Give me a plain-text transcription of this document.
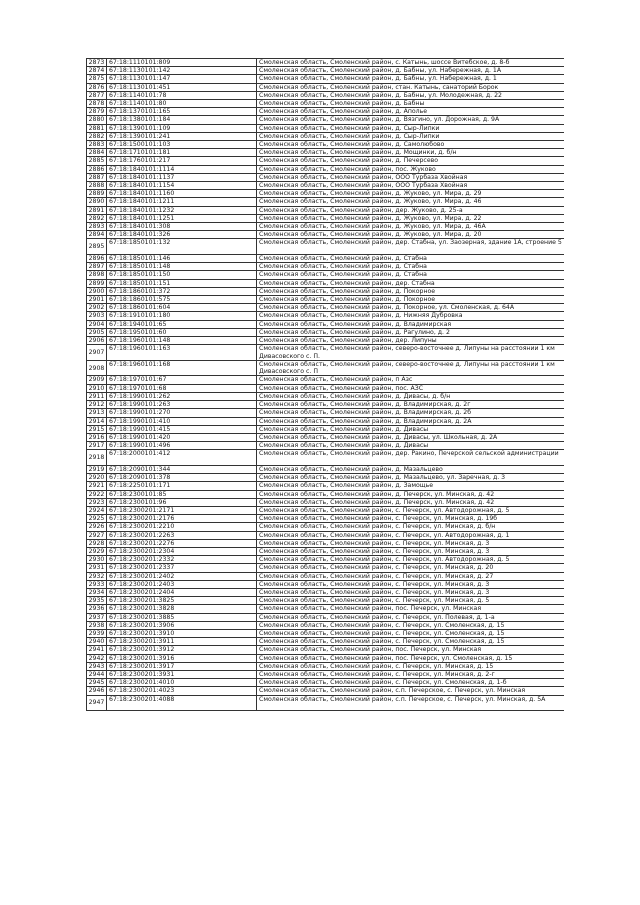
2873	67:18:1110101:809	Смоленская область, Смоленский район, с. Катынь, шоссе Витебское, д. 8-б
2874	67:18:1130101:142	Смоленская область, Смоленский район, д. Бабны, ул. Набережная, д. 1А
2875	67:18:1130101:147	Смоленская область, Смоленский район, д. Бабны, ул. Набережная, д. 1
2876	67:18:1130101:451	Смоленская область, Смоленский район, стан. Катынь, санаторий Борок
2877	67:18:1140101:78	Смоленская область, Смоленский район, д. Бабны, ул. Молодежная, д. 22
2878	67:18:1140101:80	Смоленская область, Смоленский район, д. Бабны
2879	67:18:1370101:165	Смоленская область, Смоленский район, д. Аполье
2880	67:18:1380101:184	Смоленская область, Смоленский район, д. Вязгино, ул. Дорожная, д. 9А
2881	67:18:1390101:109	Смоленская область, Смоленский район, д. Сыр-Липки
2882	67:18:1390101:241	Смоленская область, Смоленский район, д. Сыр-Липки
2883	67:18:1500101:103	Смоленская область, Смоленский район, д. Самолюбово
2884	67:18:1710101:181	Смоленская область, Смоленский район, д. Мощинки, д. б/н
2885	67:18:1760101:217	Смоленская область, Смоленский район, д. Печерсево
2886	67:18:1840101:1114	Смоленская область, Смоленский район, пос. Жуково
2887	67:18:1840101:1137	Смоленская область, Смоленский район, ООО Турбаза Хвойная
2888	67:18:1840101:1154	Смоленская область, Смоленский район, ООО Турбаза Хвойная
2889	67:18:1840101:1160	Смоленская область, Смоленский район, д. Жуково, ул. Мира, д. 29
2890	67:18:1840101:1211	Смоленская область, Смоленский район, д. Жуково, ул. Мира, д. 46
2891	67:18:1840101:1232	Смоленская область, Смоленский район, дер. Жуково, д. 25-а
2892	67:18:1840101:1251	Смоленская область, Смоленский район, д. Жуково, ул. Мира, д. 22
2893	67:18:1840101:308	Смоленская область, Смоленский район, д. Жуково, ул. Мира, д. 46А
2894	67:18:1840101:326	Смоленская область, Смоленский район, д. Жуково, ул. Мира, д. 20
2895	67:18:1850101:132	Смоленская область, Смоленский район, дер. Стабна, ул. Заозерная, здание 1А, строение 5
2896	67:18:1850101:146	Смоленская область, Смоленский район, д. Стабна
2897	67:18:1850101:148	Смоленская область, Смоленский район, д. Стабна
2898	67:18:1850101:150	Смоленская область, Смоленский район, д. Стабна
2899	67:18:1850101:151	Смоленская область, Смоленский район, дер. Стабна
2900	67:18:1860101:372	Смоленская область, Смоленский район, д. Покорное
2901	67:18:1860101:575	Смоленская область, Смоленский район, д. Покорное
2902	67:18:1860101:604	Смоленская область, Смоленский район, д. Покорное, ул. Смоленская, д. 64А
2903	67:18:1910101:180	Смоленская область, Смоленский район, д. Нижняя Дубровка
2904	67:18:1940101:65	Смоленская область, Смоленский район, д. Владимирская
2905	67:18:1950101:60	Смоленская область, Смоленский район, д. Рагулино, д. 2
2906	67:18:1960101:148	Смоленская область, Смоленский район, дер. Липуны
2907	67:18:1960101:163	Смоленская область, Смоленский район, северо-восточнее д. Липуны на расстоянии 1 км Дивасовского с. П.
2908	67:18:1960101:168	Смоленская область, Смоленский район, северо-восточнее д. Липуны на расстоянии 1 км Дивасовского с. П
2909	67:18:1970101:67	Смоленская область, Смоленский район, п Азс
2910	67:18:1970101:68	Смоленская область, Смоленский район, пос. АЗС
2911	67:18:1990101:262	Смоленская область, Смоленский район, д. Дивасы, д. б/н
2912	67:18:1990101:263	Смоленская область, Смоленский район, д. Владимирская, д. 2г
2913	67:18:1990101:270	Смоленская область, Смоленский район, д. Владимирская, д. 2б
2914	67:18:1990101:410	Смоленская область, Смоленский район, д. Владимирская, д. 2А
2915	67:18:1990101:415	Смоленская область, Смоленский район, д. Дивасы
2916	67:18:1990101:420	Смоленская область, Смоленский район, д. Дивасы, ул. Школьная, д. 2А
2917	67:18:1990101:496	Смоленская область, Смоленский район, д. Дивасы
2918	67:18:2000101:412	Смоленская область, Смоленский район, дер. Ракино, Печерской сельской администрации
2919	67:18:2090101:344	Смоленская область, Смоленский район, д. Мазальцево
2920	67:18:2090101:378	Смоленская область, Смоленский район, д. Мазальцево, ул. Заречная, д. 3
2921	67:18:2250101:171	Смоленская область, Смоленский район, д. Замощье
2922	67:18:2300101:85	Смоленская область, Смоленский район, д. Печерск, ул. Минская, д. 42
2923	67:18:2300101:96	Смоленская область, Смоленский район, д. Печерск, ул. Минская, д. 42
2924	67:18:2300201:2171	Смоленская область, Смоленский район, с. Печерск, ул. Автодорожная, д. 5
2925	67:18:2300201:2176	Смоленская область, Смоленский район, с. Печерск, ул. Минская, д. 19б
2926	67:18:2300201:2210	Смоленская область, Смоленский район, с. Печерск, ул. Минская, д. б/н
2927	67:18:2300201:2263	Смоленская область, Смоленский район, с. Печерск, ул. Автодорожная, д. 1
2928	67:18:2300201:2276	Смоленская область, Смоленский район, с. Печерск, ул. Минская, д. 3
2929	67:18:2300201:2304	Смоленская область, Смоленский район, с. Печерск, ул. Минская, д. 3
2930	67:18:2300201:2332	Смоленская область, Смоленский район, с. Печерск, ул. Автодорожная, д. 5
2931	67:18:2300201:2337	Смоленская область, Смоленский район, с. Печерск, ул. Минская, д. 20
2932	67:18:2300201:2402	Смоленская область, Смоленский район, с. Печерск, ул. Минская, д. 27
2933	67:18:2300201:2403	Смоленская область, Смоленский район, с. Печерск, ул. Минская, д. 3
2934	67:18:2300201:2404	Смоленская область, Смоленский район, с. Печерск, ул. Минская, д. 3
2935	67:18:2300201:3825	Смоленская область, Смоленский район, с. Печерск, ул. Минская, д. 5
2936	67:18:2300201:3828	Смоленская область, Смоленский район, пос. Печерск, ул. Минская
2937	67:18:2300201:3885	Смоленская область, Смоленский район, с. Печерск, ул. Полевая, д. 1-а
2938	67:18:2300201:3906	Смоленская область, Смоленский район, с. Печерск, ул. Смоленская, д. 15
2939	67:18:2300201:3910	Смоленская область, Смоленский район, с. Печерск, ул. Смоленская, д. 15
2940	67:18:2300201:3911	Смоленская область, Смоленский район, с. Печерск, ул. Смоленская, д. 15
2941	67:18:2300201:3912	Смоленская область, Смоленский район, пос. Печерск, ул. Минская
2942	67:18:2300201:3916	Смоленская область, Смоленский район, пос. Печерск, ул. Смоленская, д. 15
2943	67:18:2300201:3917	Смоленская область, Смоленский район, с. Печерск, ул. Минская, д. 15
2944	67:18:2300201:3931	Смоленская область, Смоленский район, с. Печерск, ул. Минская, д. 2-г
2945	67:18:2300201:4010	Смоленская область, Смоленский район, с. Печерск, ул. Смоленская, д. 1-б
2946	67:18:2300201:4023	Смоленская область, Смоленский район, с.п. Печерское, с. Печерск, ул. Минская
2947	67:18:2300201:4088	Смоленская область, Смоленский район, с.п. Печерское, с. Печерск, ул. Минская, д. 5А
